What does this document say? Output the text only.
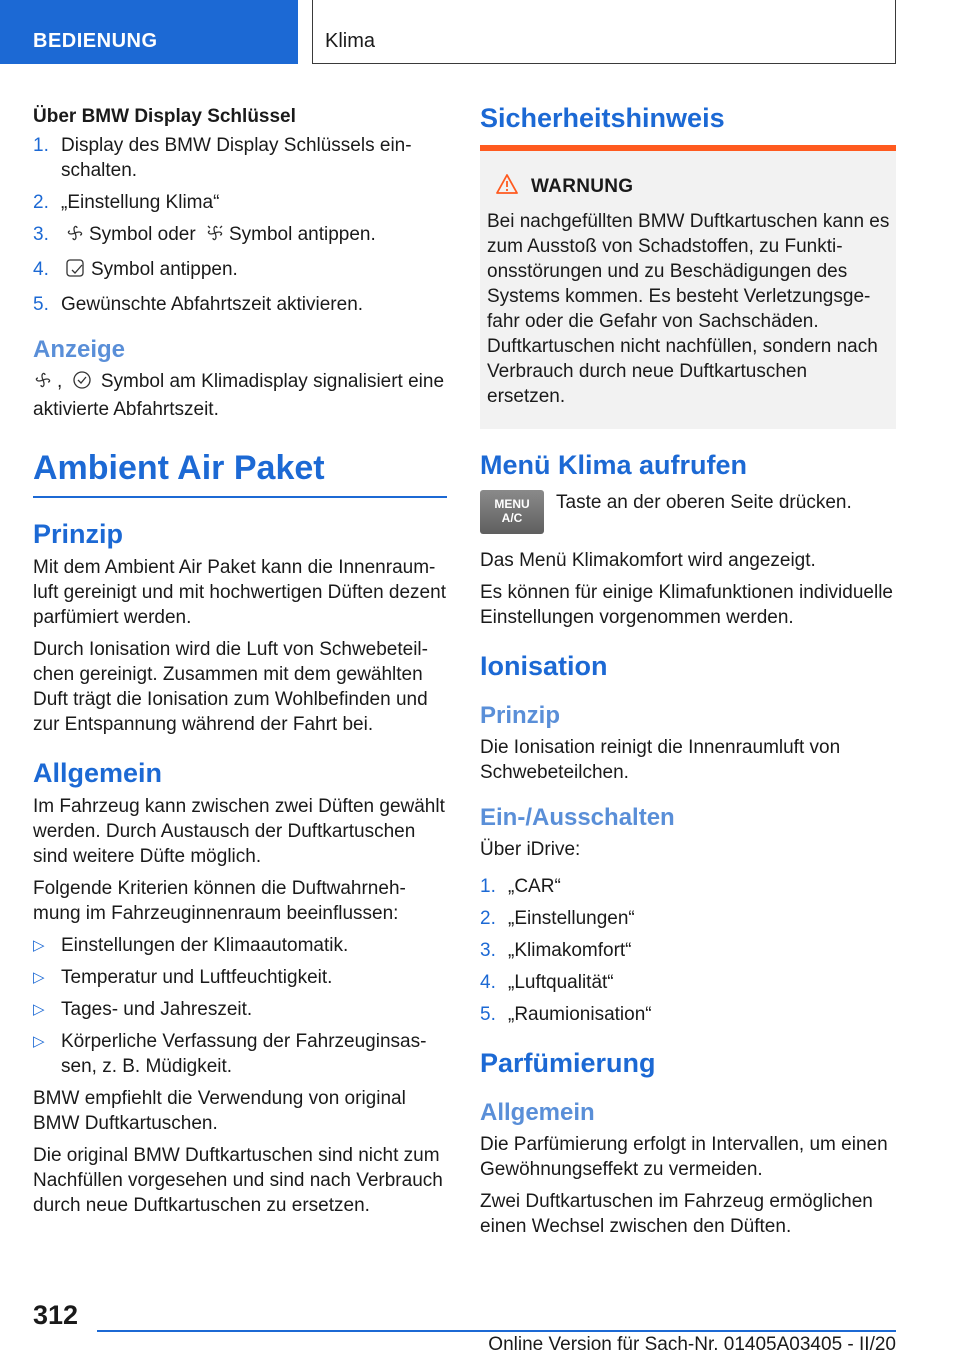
BEDIENUNG	Klima
Über BMW Display Schlüssel
1. Display des BMW Display Schlüssels einschalten.
2. „Einstellung Klima“
3. Symbol oder Symbol antippen.
4. Symbol antippen.
5. Gewünschte Abfahrtszeit aktivieren.
Anzeige

, Symbol am Klimadisplay signalisiert eine aktivierte Abfahrtszeit.

Ambient Air Paket
Prinzip

Mit dem Ambient Air Paket kann die Innenraumluft gereinigt und mit hochwertigen Düften dezent parfümiert werden.

Durch Ionisation wird die Luft von Schwebeteilchen gereinigt. Zusammen mit dem gewählten Duft trägt die Ionisation zum Wohlbefinden und zur Entspannung während der Fahrt bei.

Allgemein

Im Fahrzeug kann zwischen zwei Düften gewählt werden. Durch Austausch der Duftkartuschen sind weitere Düfte möglich.

Folgende Kriterien können die Duftwahrnehmung im Fahrzeuginnenraum beeinflussen:

▷ Einstellungen der Klimaautomatik.
▷ Temperatur und Luftfeuchtigkeit.
▷ Tages- und Jahreszeit.
▷ Körperliche Verfassung der Fahrzeuginsassen, z. B. Müdigkeit.

BMW empfiehlt die Verwendung von original BMW Duftkartuschen.

Die original BMW Duftkartuschen sind nicht zum Nachfüllen vorgesehen und sind nach Verbrauch durch neue Duftkartuschen zu ersetzen.

Sicherheitshinweis
WARNUNG

Bei nachgefüllten BMW Duftkartuschen kann es zum Ausstoß von Schadstoffen, zu Funktionsstörungen und zu Beschädigungen des Systems kommen. Es besteht Verletzungsgefahr oder die Gefahr von Sachschäden. Duftkartuschen nicht nachfüllen, sondern nach Verbrauch durch neue Duftkartuschen ersetzen.

Menü Klima aufrufen
MENU
A/C

Taste an der oberen Seite drücken.

Das Menü Klimakomfort wird angezeigt.

Es können für einige Klimafunktionen individuelle Einstellungen vorgenommen werden.

Ionisation
Prinzip

Die Ionisation reinigt die Innenraumluft von Schwebeteilchen.

Ein-/Ausschalten

Über iDrive:

1. „CAR“
2. „Einstellungen“
3. „Klimakomfort“
4. „Luftqualität“
5. „Raumionisation“
Parfümierung
Allgemein

Die Parfümierung erfolgt in Intervallen, um einen Gewöhnungseffekt zu vermeiden.

Zwei Duftkartuschen im Fahrzeug ermöglichen einen Wechsel zwischen den Düften.

312
Online Version für Sach-Nr. 01405A03405 - II/20
